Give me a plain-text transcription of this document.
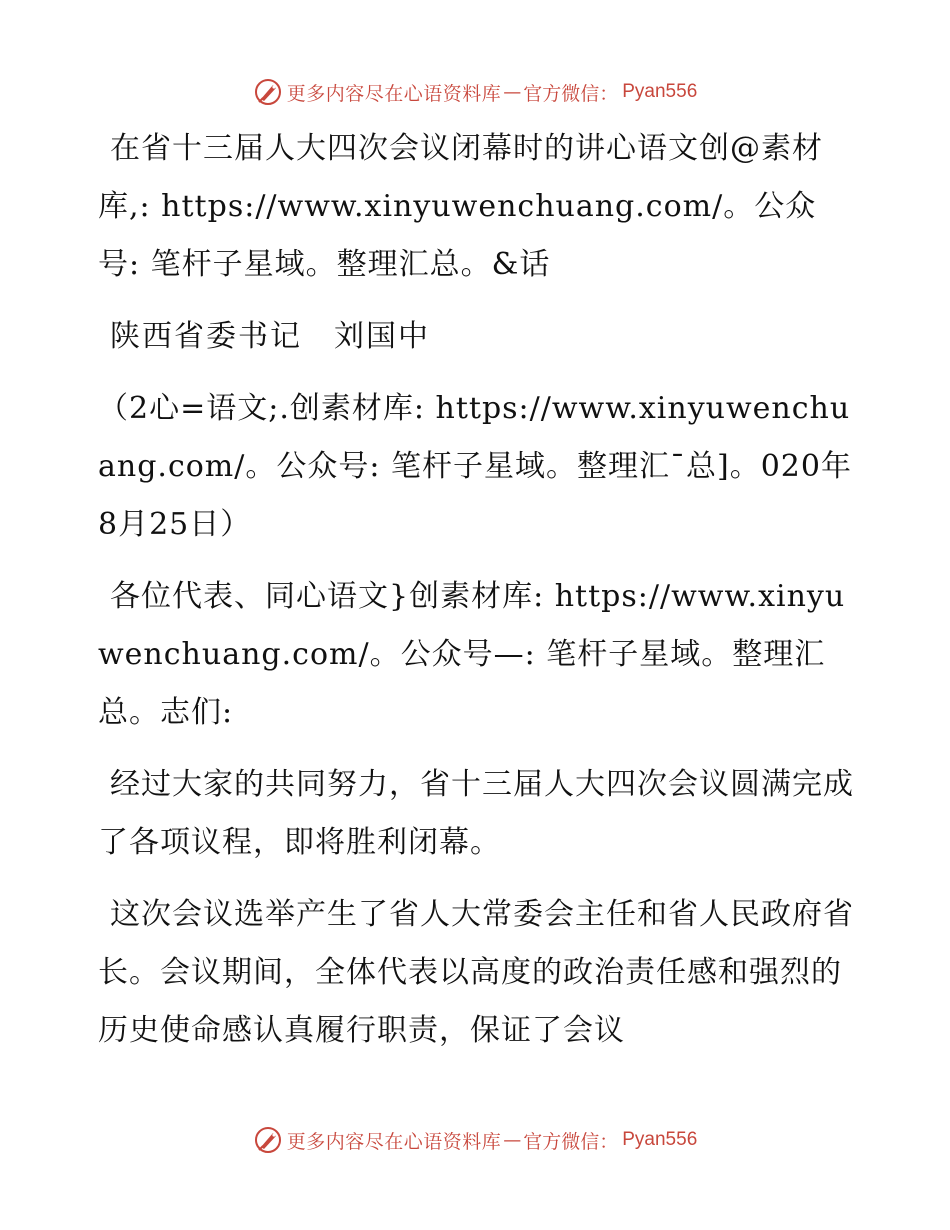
更多内容尽在心语资料库 — 官方微信： Pyan556

在省十三届人大四次会议闭幕时的讲心语文创@素材库,: https://www.xinyuwenchuang.com/。公众号: 笔杆子星域。整理汇总。&话

陕西省委书记　刘国中

（2心=语文;.创素材库: https://www.xinyuwenchuang.com/。公众号: 笔杆子星域。整理汇¯总]。020年8月25日）

各位代表、同心语文}创素材库: https://www.xinyuwenchuang.com/。公众号—: 笔杆子星域。整理汇总。志们:

经过大家的共同努力，省十三届人大四次会议圆满完成了各项议程，即将胜利闭幕。

这次会议选举产生了省人大常委会主任和省人民政府省长。会议期间，全体代表以高度的政治责任感和强烈的历史使命感认真履行职责，保证了会议

更多内容尽在心语资料库 — 官方微信： Pyan556
